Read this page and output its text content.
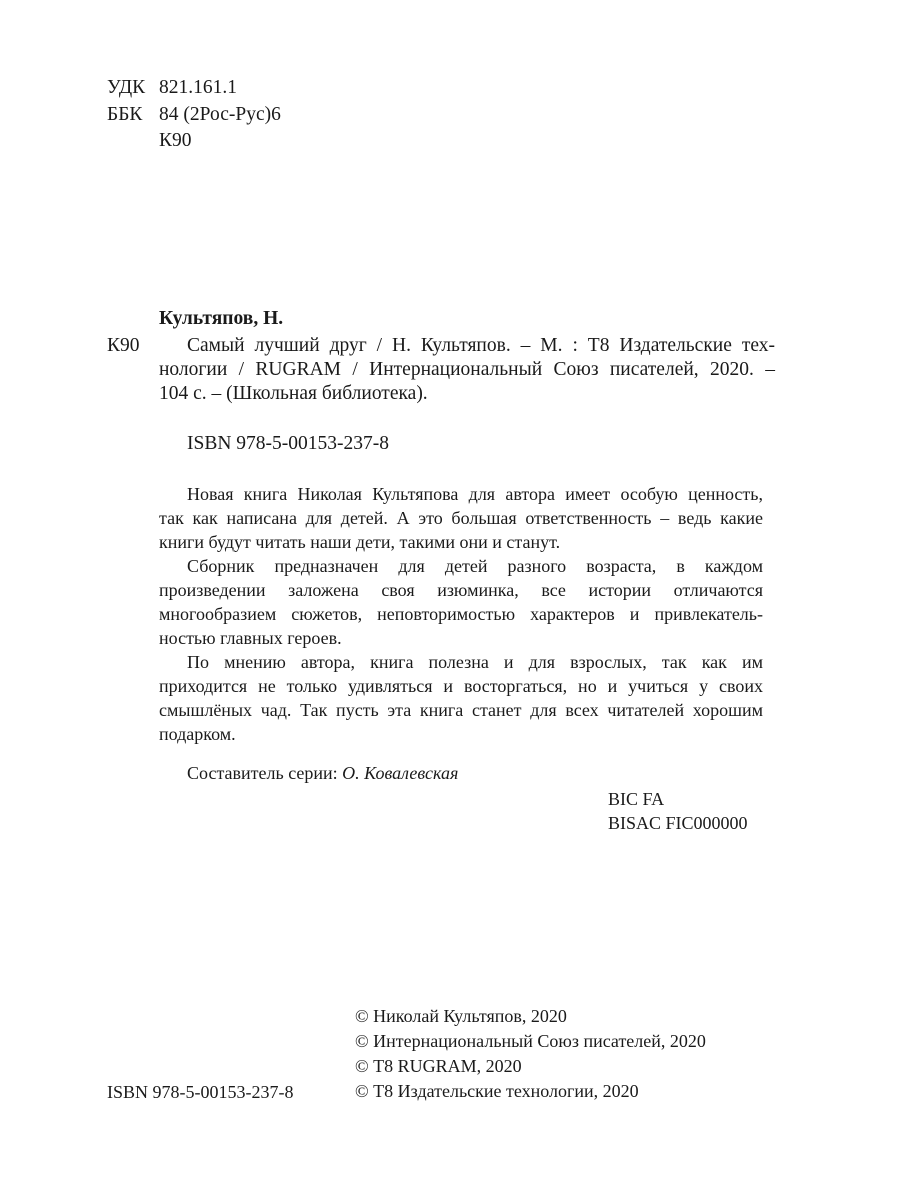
УДК 821.161.1
ББК 84 (2Рос-Рус)6
К90
Культяпов, Н.
К90 Самый лучший друг / Н. Культяпов. – М. : Т8 Издательские тех-
нологии / RUGRAM / Интернациональный Союз писателей, 2020. –
104 с. – (Школьная библиотека).
ISBN 978-5-00153-237-8
Новая книга Николая Культяпова для автора имеет особую ценность,
так как написана для детей. А это большая ответственность – ведь какие
книги будут читать наши дети, такими они и станут.
Сборник предназначен для детей разного возраста, в каждом
произведении заложена своя изюминка, все истории отличаются
многообразием сюжетов, неповторимостью характеров и привлекатель-
ностью главных героев.
По мнению автора, книга полезна и для взрослых, так как им
приходится не только удивляться и восторгаться, но и учиться у своих
смышлёных чад. Так пусть эта книга станет для всех читателей хорошим
подарком.
Составитель серии: О. Ковалевская
BIC FA
BISAC FIC000000
ISBN 978-5-00153-237-8
© Николай Культяпов, 2020
© Интернациональный Союз писателей, 2020
© Т8 RUGRAM, 2020
© Т8 Издательские технологии, 2020
